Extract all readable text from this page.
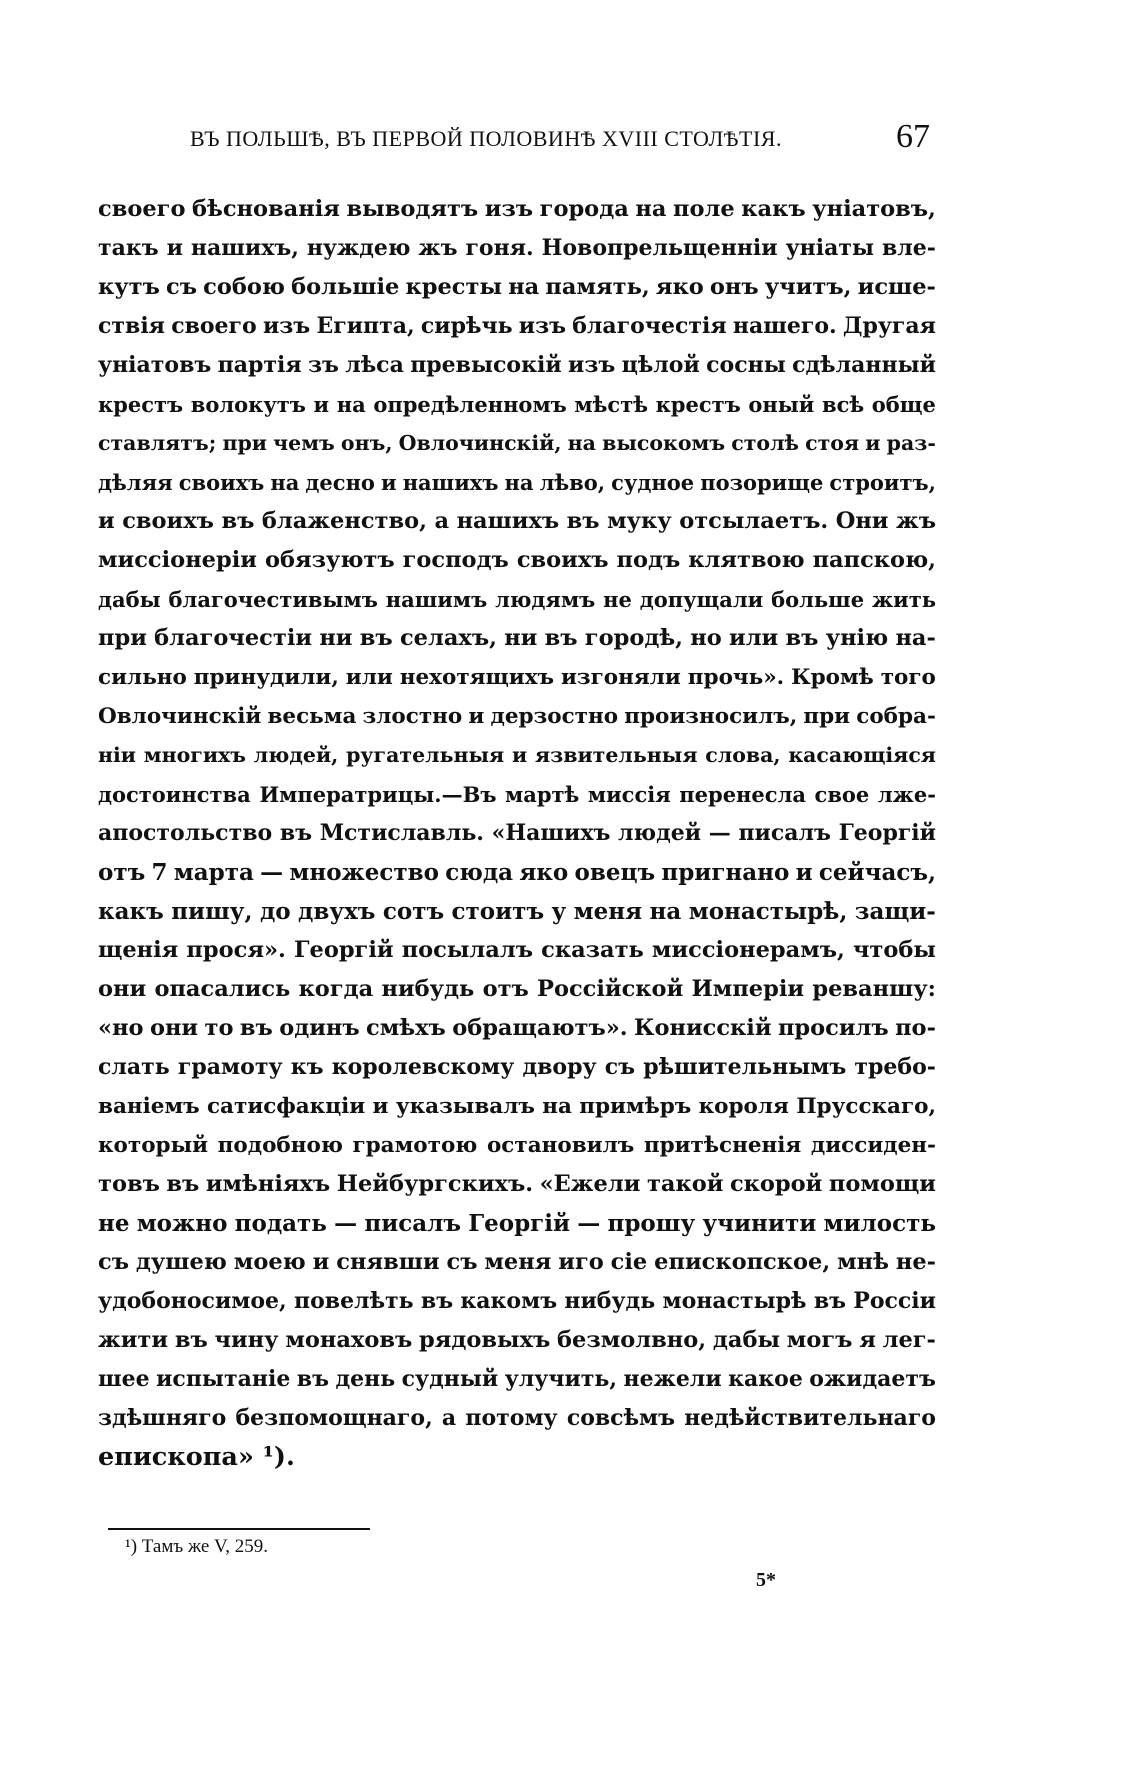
ВЪ ПОЛЬШѢ, ВЪ ПЕРВОЙ ПОЛОВИНѢ XVIII СТОЛѢТІЯ.	67
своего бѣснованія выводятъ изъ города на поле какъ уніатовъ,
такъ и нашихъ, нуждею жъ гоня. Новопрельщенніи уніаты вле-
кутъ съ собою большіе кресты на память, яко онъ учитъ, исше-
ствія своего изъ Египта, сирѣчь изъ благочестія нашего. Другая
уніатовъ партія зъ лѣса превысокій изъ цѣлой сосны сдѣланный
крестъ волокутъ и на опредѣленномъ мѣстѣ крестъ оный всѣ обще
ставлятъ; при чемъ онъ, Овлочинскій, на высокомъ столѣ стоя и раз-
дѣляя своихъ на десно и нашихъ на лѣво, судное позорище строитъ,
и своихъ въ блаженство, а нашихъ въ муку отсылаетъ. Они жъ
миссіонеріи обязуютъ господъ своихъ подъ клятвою папскою,
дабы благочестивымъ нашимъ людямъ не допущали больше жить
при благочестіи ни въ селахъ, ни въ городѣ, но или въ унію на-
сильно принудили, или нехотящихъ изгоняли прочь». Кромѣ того
Овлочинскій весьма злостно и дерзостно произносилъ, при собра-
ніи многихъ людей, ругательныя и язвительныя слова, касающіяся
достоинства Императрицы.—Въ мартѣ миссія перенесла свое лже-
апостольство въ Мстиславль. «Нашихъ людей — писалъ Георгій
отъ 7 марта — множество сюда яко овецъ пригнано и сейчасъ,
какъ пишу, до двухъ сотъ стоитъ у меня на монастырѣ, защи-
щенія прося». Георгій посылалъ сказать миссіонерамъ, чтобы
они опасались когда нибудь отъ Россійской Имперіи реваншу:
«но они то въ одинъ смѣхъ обращаютъ». Конисскій просилъ по-
слать грамоту къ королевскому двору съ рѣшительнымъ требо-
ваніемъ сатисфакціи и указывалъ на примѣръ короля Прусскаго,
который подобною грамотою остановилъ притѣсненія диссиден-
товъ въ имѣніяхъ Нейбургскихъ. «Ежели такой скорой помощи
не можно подать — писалъ Георгій — прошу учинити милость
съ душею моею и снявши съ меня иго сіе епископское, мнѣ не-
удобоносимое, повелѣть въ какомъ нибудь монастырѣ въ Россіи
жити въ чину монаховъ рядовыхъ безмолвно, дабы могъ я лег-
шее испытаніе въ день судный улучить, нежели какое ожидаетъ
здѣшняго безпомощнаго, а потому совсѣмъ недѣйствительнаго
епископа» ¹).
¹) Тамъ же V, 259.
5*
